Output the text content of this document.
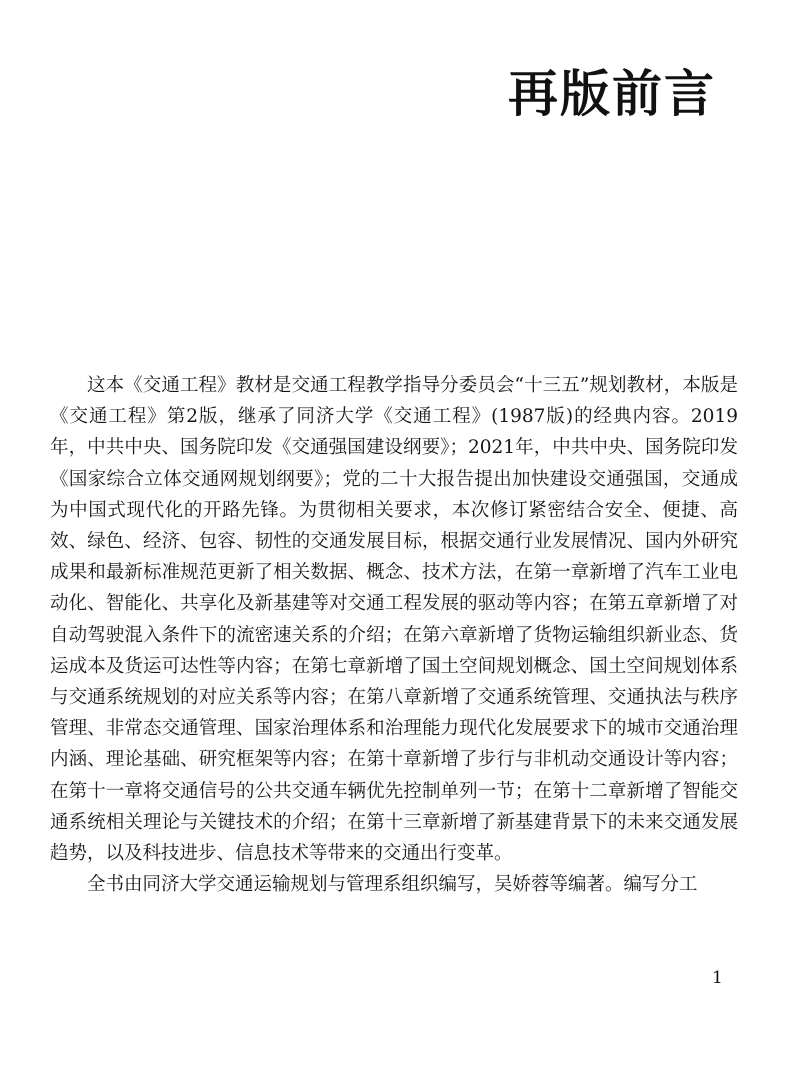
再版前言

这本《交通工程》教材是交通工程教学指导分委员会“十三五”规划教材，本版是《交通工程》第2版，继承了同济大学《交通工程》(1987版)的经典内容。2019年，中共中央、国务院印发《交通强国建设纲要》；2021年，中共中央、国务院印发《国家综合立体交通网规划纲要》；党的二十大报告提出加快建设交通强国，交通成为中国式现代化的开路先锋。为贯彻相关要求，本次修订紧密结合安全、便捷、高效、绿色、经济、包容、韧性的交通发展目标，根据交通行业发展情况、国内外研究成果和最新标准规范更新了相关数据、概念、技术方法，在第一章新增了汽车工业电动化、智能化、共享化及新基建等对交通工程发展的驱动等内容；在第五章新增了对自动驾驶混入条件下的流密速关系的介绍；在第六章新增了货物运输组织新业态、货运成本及货运可达性等内容；在第七章新增了国土空间规划概念、国土空间规划体系与交通系统规划的对应关系等内容；在第八章新增了交通系统管理、交通执法与秩序管理、非常态交通管理、国家治理体系和治理能力现代化发展要求下的城市交通治理内涵、理论基础、研究框架等内容；在第十章新增了步行与非机动交通设计等内容；在第十一章将交通信号的公共交通车辆优先控制单列一节；在第十二章新增了智能交通系统相关理论与关键技术的介绍；在第十三章新增了新基建背景下的未来交通发展趋势，以及科技进步、信息技术等带来的交通出行变革。

全书由同济大学交通运输规划与管理系组织编写，吴娇蓉等编著。编写分工

1
